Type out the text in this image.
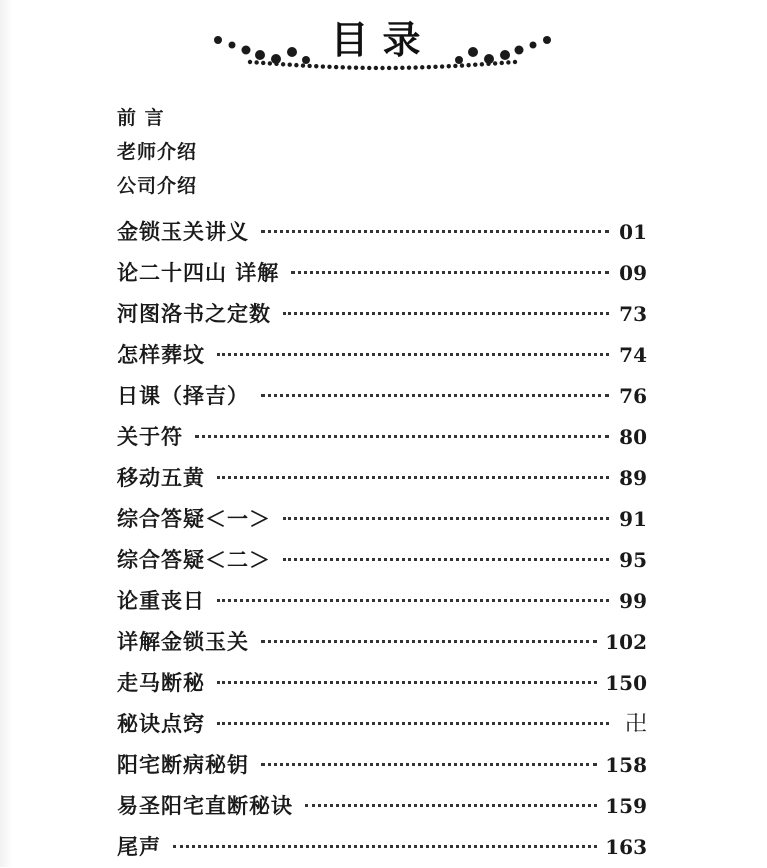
目录
前 言
老师介绍
公司介绍
金锁玉关讲义	01
论二十四山 详解	09
河图洛书之定数	73
怎样葬坟	74
日课（择吉）	76
关于符	80
移动五黄	89
综合答疑＜一＞	91
综合答疑＜二＞	95
论重丧日	99
详解金锁玉关	102
走马断秘	150
秘诀点窍	卍
阳宅断病秘钥	158
易圣阳宅直断秘诀	159
尾声	163
